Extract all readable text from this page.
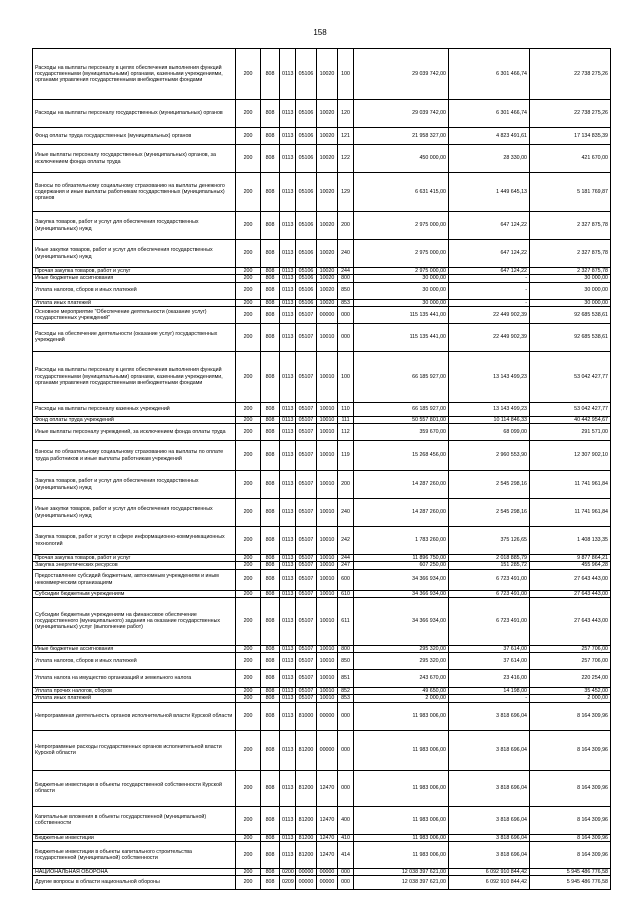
158
Расходы на выплаты персоналу в целях обеспечения выполнения функций государственными (муниципальными) органами, казенными учреждениями, органами управления государственными внебюджетными фондами	200	808	0113	05106	10020	100	29 039 742,00	6 301 466,74	22 738 275,26
Расходы на выплаты персоналу государственных (муниципальных) органов	200	808	0113	05106	10020	120	29 039 742,00	6 301 466,74	22 738 275,26
Фонд оплаты труда государственных (муниципальных) органов	200	808	0113	05106	10020	121	21 958 327,00	4 823 491,61	17 134 835,39
Иные выплаты персоналу государственных (муниципальных) органов, за исключением фонда оплаты труда	200	808	0113	05106	10020	122	450 000,00	28 330,00	421 670,00
Взносы по обязательному социальному страхованию на выплаты денежного содержания и иные выплаты работникам государственных (муниципальных) органов	200	808	0113	05106	10020	129	6 631 415,00	1 449 645,13	5 181 769,87
Закупка товаров, работ и услуг для обеспечения государственных (муниципальных) нужд	200	808	0113	05106	10020	200	2 975 000,00	647 124,22	2 327 875,78
Иные закупки товаров, работ и услуг для обеспечения государственных (муниципальных) нужд	200	808	0113	05106	10020	240	2 975 000,00	647 124,22	2 327 875,78
Прочая закупка товаров, работ и услуг	200	808	0113	05106	10020	244	2 975 000,00	647 124,22	2 327 875,78
Иные бюджетные ассигнования	200	808	0113	05106	10020	800	30 000,00	-	30 000,00
Уплата налогов, сборов и иных платежей	200	808	0113	05106	10020	850	30 000,00	-	30 000,00
Уплата иных платежей	200	808	0113	05106	10020	853	30 000,00	-	30 000,00
Основное мероприятие "Обеспечение деятельности (оказание услуг) государственных учреждений"	200	808	0113	05107	00000	000	115 135 441,00	22 449 902,39	92 685 538,61
Расходы на обеспечение деятельности (оказание услуг) государственных учреждений	200	808	0113	05107	10010	000	115 135 441,00	22 449 902,39	92 685 538,61
Расходы на выплаты персоналу в целях обеспечения выполнения функций государственными (муниципальными) органами, казенными учреждениями, органами управления государственными внебюджетными фондами	200	808	0113	05107	10010	100	66 185 927,00	13 143 499,23	53 042 427,77
Расходы на выплаты персоналу казенных учреждений	200	808	0113	05107	10010	110	66 185 927,00	13 143 499,23	53 042 427,77
Фонд оплаты труда учреждений	200	808	0113	05107	10010	111	50 557 801,00	10 114 846,33	40 442 954,67
Иные выплаты персоналу учреждений, за исключением фонда оплаты труда	200	808	0113	05107	10010	112	359 670,00	68 099,00	291 571,00
Взносы по обязательному социальному страхованию на выплаты по оплате труда работников и иные выплаты работникам учреждений	200	808	0113	05107	10010	119	15 268 456,00	2 960 553,90	12 307 902,10
Закупка товаров, работ и услуг для обеспечения государственных (муниципальных) нужд	200	808	0113	05107	10010	200	14 287 260,00	2 545 298,16	11 741 961,84
Иные закупки товаров, работ и услуг для обеспечения государственных (муниципальных) нужд	200	808	0113	05107	10010	240	14 287 260,00	2 545 298,16	11 741 961,84
Закупка товаров, работ и услуг в сфере информационно-коммуникационных технологий	200	808	0113	05107	10010	242	1 783 260,00	375 126,65	1 408 133,35
Прочая закупка товаров, работ и услуг	200	808	0113	05107	10010	244	11 896 750,00	2 018 885,79	9 877 864,21
Закупка энергетических ресурсов	200	808	0113	05107	10010	247	607 250,00	151 285,72	455 964,28
Предоставление субсидий бюджетным, автономным учреждениям и иным некоммерческим организациям	200	808	0113	05107	10010	600	34 366 934,00	6 723 491,00	27 643 443,00
Субсидии бюджетным учреждениям	200	808	0113	05107	10010	610	34 366 934,00	6 723 491,00	27 643 443,00
Субсидии бюджетным учреждениям на финансовое обеспечение государственного (муниципального) задания на оказание государственных (муниципальных) услуг (выполнение работ)	200	808	0113	05107	10010	611	34 366 934,00	6 723 491,00	27 643 443,00
Иные бюджетные ассигнования	200	808	0113	05107	10010	800	295 320,00	37 614,00	257 706,00
Уплата налогов, сборов и иных платежей	200	808	0113	05107	10010	850	295 320,00	37 614,00	257 706,00
Уплата налога на имущество организаций и земельного налога	200	808	0113	05107	10010	851	243 670,00	23 416,00	220 254,00
Уплата прочих налогов, сборов	200	808	0113	05107	10010	852	49 650,00	14 198,00	35 452,00
Уплата иных платежей	200	808	0113	05107	10010	853	2 000,00	-	2 000,00
Непрограммная деятельность органов исполнительной власти Курской области	200	808	0113	81000	00000	000	11 983 006,00	3 818 696,04	8 164 309,96
Непрограммные расходы государственных органов исполнительной власти Курской области	200	808	0113	81200	00000	000	11 983 006,00	3 818 696,04	8 164 309,96
Бюджетные инвестиции в объекты государственной собственности Курской области	200	808	0113	81200	12470	000	11 983 006,00	3 818 696,04	8 164 309,96
Капитальные вложения в объекты государственной (муниципальной) собственности	200	808	0113	81200	12470	400	11 983 006,00	3 818 696,04	8 164 309,96
Бюджетные инвестиции	200	808	0113	81200	12470	410	11 983 006,00	3 818 696,04	8 164 309,96
Бюджетные инвестиции в объекты капитального строительства государственной (муниципальной) собственности	200	808	0113	81200	12470	414	11 983 006,00	3 818 696,04	8 164 309,96
НАЦИОНАЛЬНАЯ ОБОРОНА	200	808	0200	00000	00000	000	12 038 397 621,00	6 092 910 844,42	5 945 486 776,58
Другие вопросы в области национальной обороны	200	808	0209	00000	00000	000	12 038 397 621,00	6 092 910 844,42	5 945 486 776,58
